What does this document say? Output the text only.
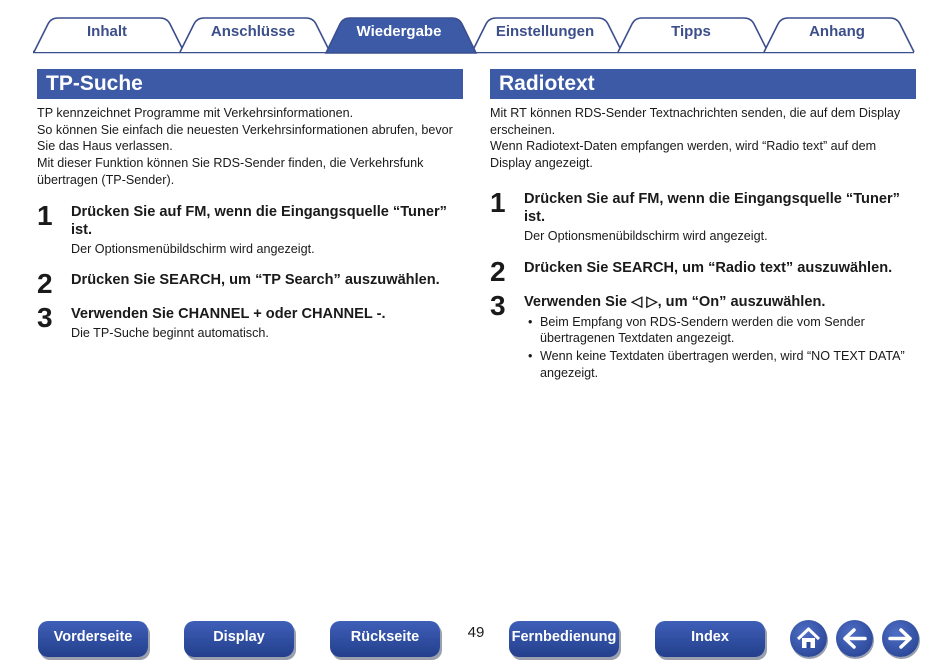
Inhalt	Anschlüsse	Wiedergabe	Einstellungen	Tipps	Anhang
TP-Suche

TP kennzeichnet Programme mit Verkehrsinformationen.

So können Sie einfach die neuesten Verkehrsinformationen abrufen, bevor Sie das Haus verlassen.

Mit dieser Funktion können Sie RDS-Sender finden, die Verkehrsfunk übertragen (TP-Sender).

1 Drücken Sie auf FM, wenn die Eingangsquelle “Tuner” ist.
Der Optionsmenübildschirm wird angezeigt.
2 Drücken Sie SEARCH, um “TP Search” auszuwählen.
3 Verwenden Sie CHANNEL + oder CHANNEL -.
Die TP-Suche beginnt automatisch.
Radiotext

Mit RT können RDS-Sender Textnachrichten senden, die auf dem Display erscheinen.

Wenn Radiotext-Daten empfangen werden, wird “Radio text” auf dem Display angezeigt.

1 Drücken Sie auf FM, wenn die Eingangsquelle “Tuner” ist.
Der Optionsmenübildschirm wird angezeigt.
2 Drücken Sie SEARCH, um “Radio text” auszuwählen.
3 Verwenden Sie ◁ ▷, um “On” auszuwählen.
• Beim Empfang von RDS-Sendern werden die vom Sender übertragenen Textdaten angezeigt.
• Wenn keine Textdaten übertragen werden, wird “NO TEXT DATA” angezeigt.
Vorderseite	Display	Rückseite	49	Fernbedienung	Index
